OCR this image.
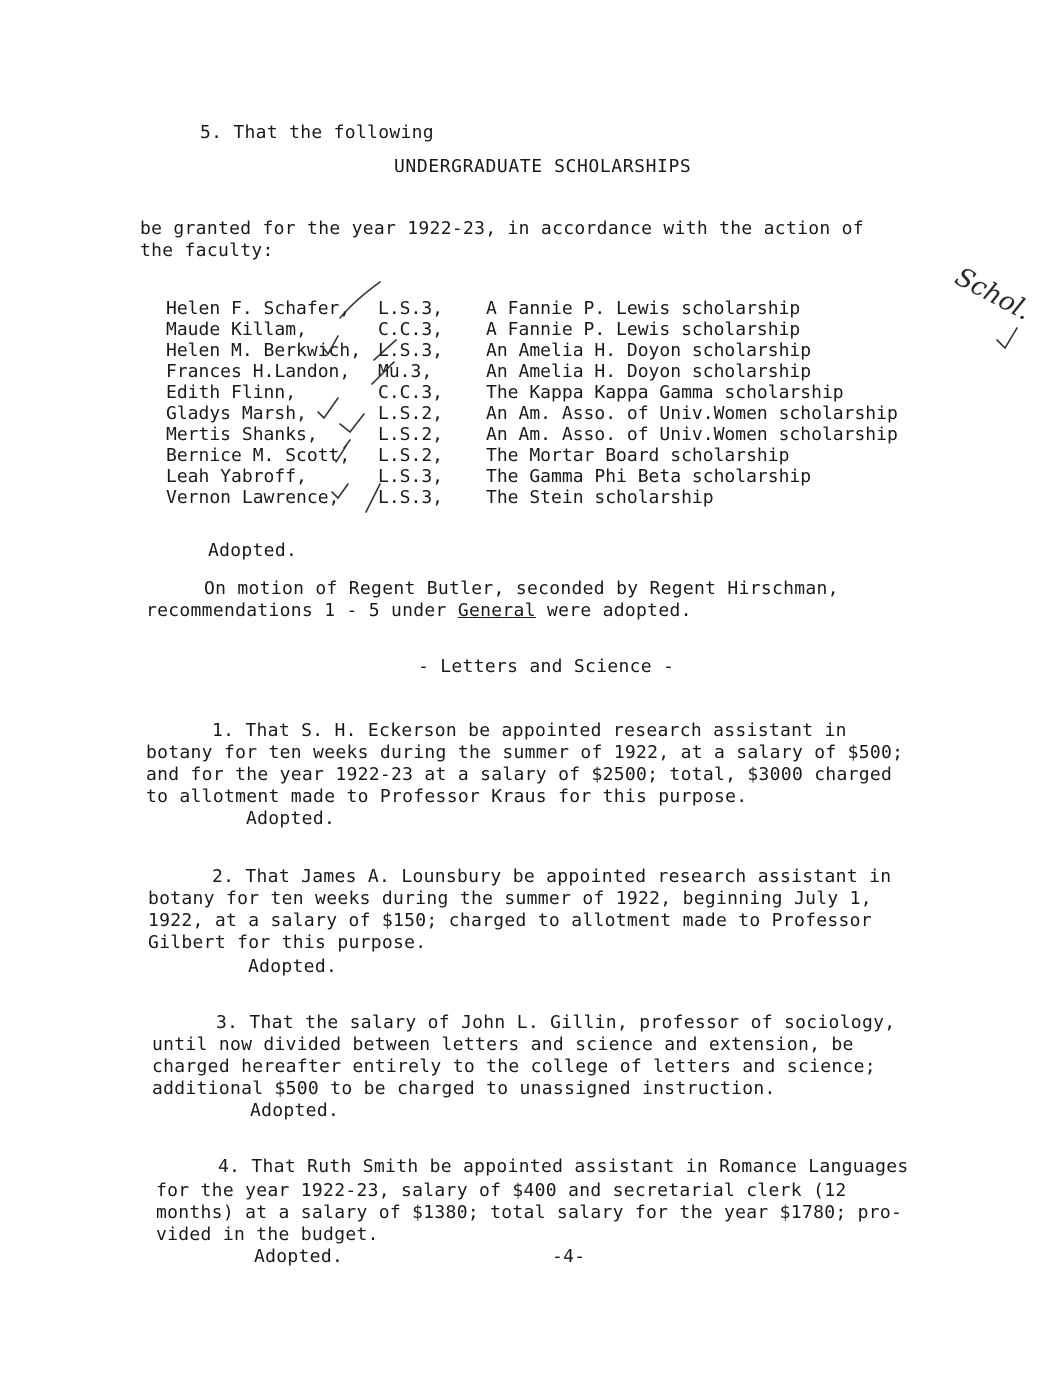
5. That the following
UNDERGRADUATE SCHOLARSHIPS
be granted for the year 1922-23, in accordance with the action of
the faculty:
Helen F. Schafer, L.S.3, A Fannie P. Lewis scholarship
Maude Killam,	C.C.3, A Fannie P. Lewis scholarship
Helen M. Berkwich, L.S.3, An Amelia H. Doyon scholarship
Frances H.Landon, Mu.3,	An Amelia H. Doyon scholarship
Edith Flinn,	C.C.3, The Kappa Kappa Gamma scholarship
Gladys Marsh,	L.S.2, An Am. Asso. of Univ.Women scholarship
Mertis Shanks,	L.S.2, An Am. Asso. of Univ.Women scholarship
Bernice M. Scott, L.S.2, The Mortar Board scholarship
Leah Yabroff,	L.S.3, The Gamma Phi Beta scholarship
Vernon Lawrence, L.S.3, The Stein scholarship
Schol.
Adopted.
On motion of Regent Butler, seconded by Regent Hirschman,
recommendations 1 - 5 under General were adopted.
- Letters and Science -
1. That S. H. Eckerson be appointed research assistant in
botany for ten weeks during the summer of 1922, at a salary of $500;
and for the year 1922-23 at a salary of $2500; total, $3000 charged
to allotment made to Professor Kraus for this purpose.
Adopted.
2. That James A. Lounsbury be appointed research assistant in
botany for ten weeks during the summer of 1922, beginning July 1,
1922, at a salary of $150; charged to allotment made to Professor
Gilbert for this purpose.
Adopted.
3. That the salary of John L. Gillin, professor of sociology,
until now divided between letters and science and extension, be
charged hereafter entirely to the college of letters and science;
additional $500 to be charged to unassigned instruction.
Adopted.
4. That Ruth Smith be appointed assistant in Romance Languages
for the year 1922-23, salary of $400 and secretarial clerk (12
months) at a salary of $1380; total salary for the year $1780; pro-
vided in the budget.
Adopted.	-4-
